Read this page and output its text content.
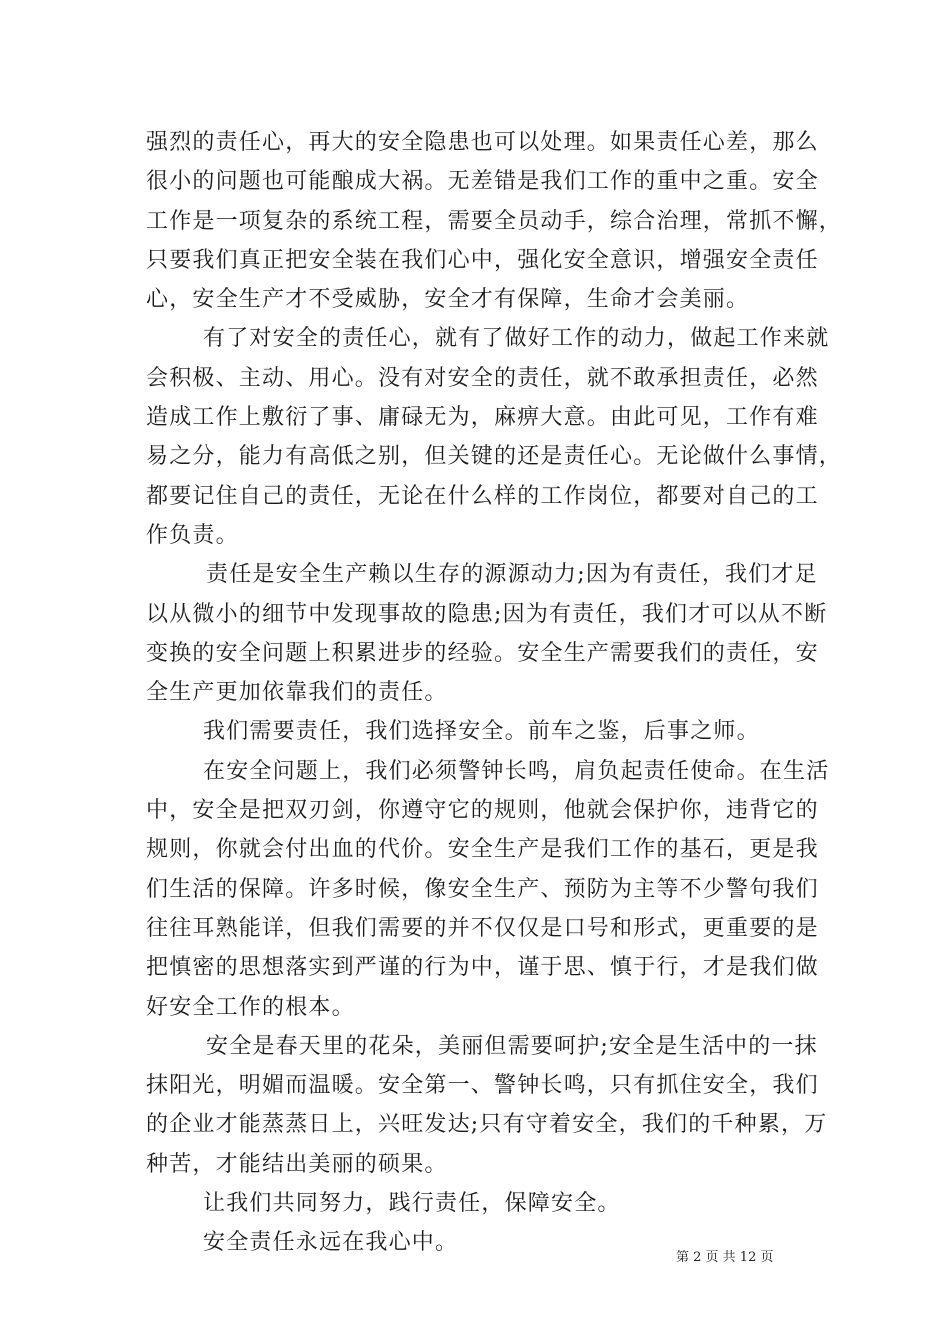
强烈的责任心，再大的安全隐患也可以处理。如果责任心差，那么
很小的问题也可能酿成大祸。无差错是我们工作的重中之重。安全
工作是一项复杂的系统工程，需要全员动手，综合治理，常抓不懈，
只要我们真正把安全装在我们心中，强化安全意识，增强安全责任
心，安全生产才不受威胁，安全才有保障，生命才会美丽。
有了对安全的责任心，就有了做好工作的动力，做起工作来就
会积极、主动、用心。没有对安全的责任，就不敢承担责任，必然
造成工作上敷衍了事、庸碌无为，麻痹大意。由此可见，工作有难
易之分，能力有高低之别，但关键的还是责任心。无论做什么事情，
都要记住自己的责任，无论在什么样的工作岗位，都要对自己的工
作负责。
责任是安全生产赖以生存的源源动力;因为有责任，我们才足
以从微小的细节中发现事故的隐患;因为有责任，我们才可以从不断
变换的安全问题上积累进步的经验。安全生产需要我们的责任，安
全生产更加依靠我们的责任。
我们需要责任，我们选择安全。前车之鉴，后事之师。
在安全问题上，我们必须警钟长鸣，肩负起责任使命。在生活
中，安全是把双刃剑，你遵守它的规则，他就会保护你，违背它的
规则，你就会付出血的代价。安全生产是我们工作的基石，更是我
们生活的保障。许多时候，像安全生产、预防为主等不少警句我们
往往耳熟能详，但我们需要的并不仅仅是口号和形式，更重要的是
把慎密的思想落实到严谨的行为中，谨于思、慎于行，才是我们做
好安全工作的根本。
安全是春天里的花朵，美丽但需要呵护;安全是生活中的一抹
抹阳光，明媚而温暖。安全第一、警钟长鸣，只有抓住安全，我们
的企业才能蒸蒸日上，兴旺发达;只有守着安全，我们的千种累，万
种苦，才能结出美丽的硕果。
让我们共同努力，践行责任，保障安全。
安全责任永远在我心中。
第 2 页 共 12 页
